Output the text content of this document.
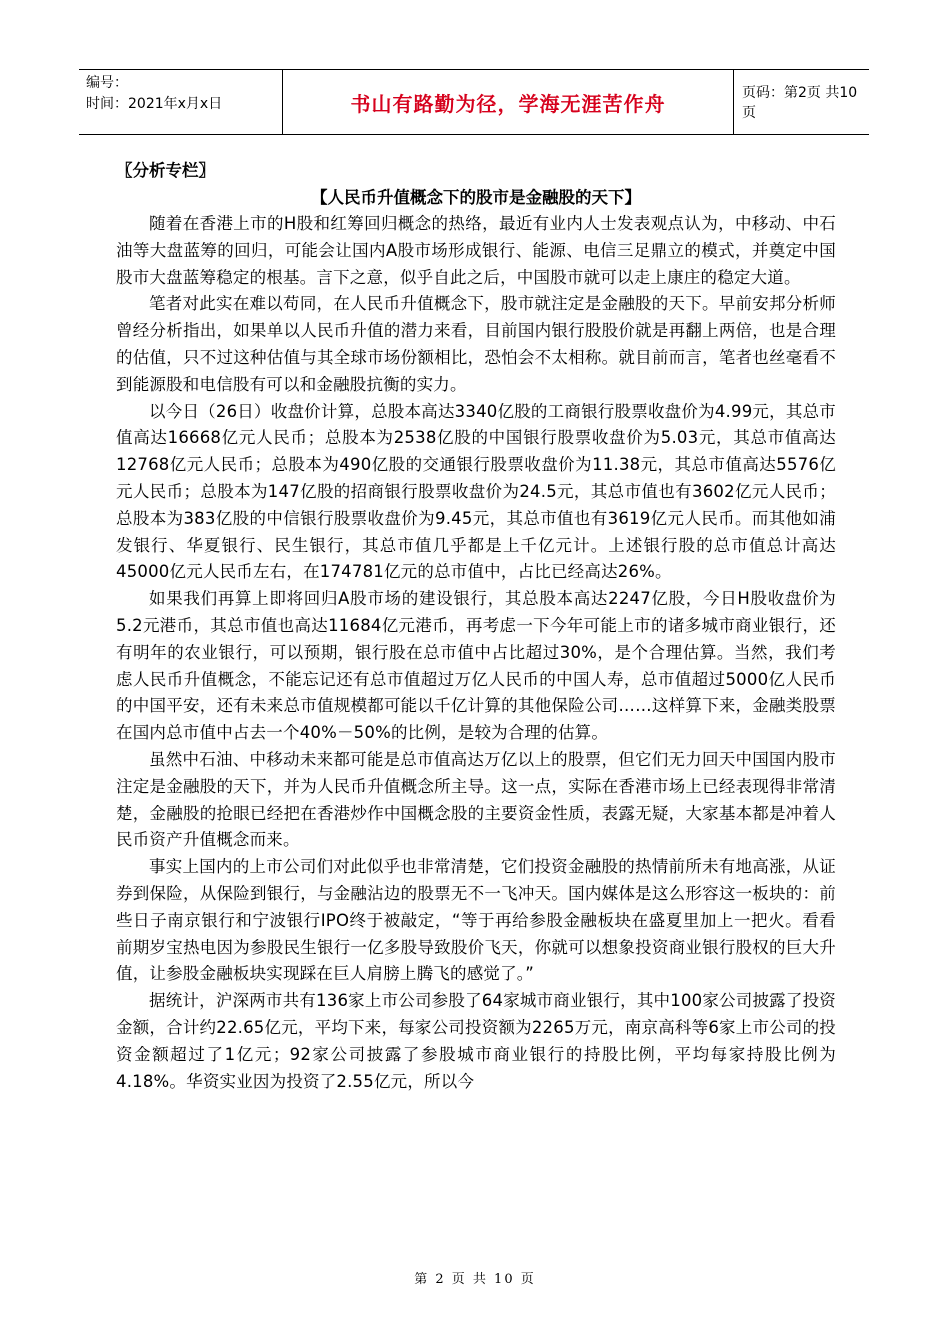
编号：
时间：2021年x月x日	书山有路勤为径，学海无涯苦作舟	页码：第2页 共10页
〖分析专栏〗
【人民币升值概念下的股市是金融股的天下】

随着在香港上市的H股和红筹回归概念的热络，最近有业内人士发表观点认为，中移动、中石油等大盘蓝筹的回归，可能会让国内A股市场形成银行、能源、电信三足鼎立的模式，并奠定中国股市大盘蓝筹稳定的根基。言下之意，似乎自此之后，中国股市就可以走上康庄的稳定大道。

笔者对此实在难以苟同，在人民币升值概念下，股市就注定是金融股的天下。早前安邦分析师曾经分析指出，如果单以人民币升值的潜力来看，目前国内银行股股价就是再翻上两倍，也是合理的估值，只不过这种估值与其全球市场份额相比，恐怕会不太相称。就目前而言，笔者也丝毫看不到能源股和电信股有可以和金融股抗衡的实力。

以今日（26日）收盘价计算，总股本高达3340亿股的工商银行股票收盘价为4.99元，其总市值高达16668亿元人民币；总股本为2538亿股的中国银行股票收盘价为5.03元，其总市值高达12768亿元人民币；总股本为490亿股的交通银行股票收盘价为11.38元，其总市值高达5576亿元人民币；总股本为147亿股的招商银行股票收盘价为24.5元，其总市值也有3602亿元人民币；总股本为383亿股的中信银行股票收盘价为9.45元，其总市值也有3619亿元人民币。而其他如浦发银行、华夏银行、民生银行，其总市值几乎都是上千亿元计。上述银行股的总市值总计高达45000亿元人民币左右，在174781亿元的总市值中，占比已经高达26%。

如果我们再算上即将回归A股市场的建设银行，其总股本高达2247亿股，今日H股收盘价为5.2元港币，其总市值也高达11684亿元港币，再考虑一下今年可能上市的诸多城市商业银行，还有明年的农业银行，可以预期，银行股在总市值中占比超过30%，是个合理估算。当然，我们考虑人民币升值概念，不能忘记还有总市值超过万亿人民币的中国人寿，总市值超过5000亿人民币的中国平安，还有未来总市值规模都可能以千亿计算的其他保险公司……这样算下来，金融类股票在国内总市值中占去一个40%－50%的比例，是较为合理的估算。

虽然中石油、中移动未来都可能是总市值高达万亿以上的股票，但它们无力回天中国国内股市注定是金融股的天下，并为人民币升值概念所主导。这一点，实际在香港市场上已经表现得非常清楚，金融股的抢眼已经把在香港炒作中国概念股的主要资金性质，表露无疑，大家基本都是冲着人民币资产升值概念而来。

事实上国内的上市公司们对此似乎也非常清楚，它们投资金融股的热情前所未有地高涨，从证券到保险，从保险到银行，与金融沾边的股票无不一飞冲天。国内媒体是这么形容这一板块的：前些日子南京银行和宁波银行IPO终于被敲定，“等于再给参股金融板块在盛夏里加上一把火。看看前期岁宝热电因为参股民生银行一亿多股导致股价飞天，你就可以想象投资商业银行股权的巨大升值，让参股金融板块实现踩在巨人肩膀上腾飞的感觉了。”

据统计，沪深两市共有136家上市公司参股了64家城市商业银行，其中100家公司披露了投资金额，合计约22.65亿元，平均下来，每家公司投资额为2265万元，南京高科等6家上市公司的投资金额超过了1亿元；92家公司披露了参股城市商业银行的持股比例，平均每家持股比例为4.18%。华资实业因为投资了2.55亿元，所以今

第 2 页 共 10 页
